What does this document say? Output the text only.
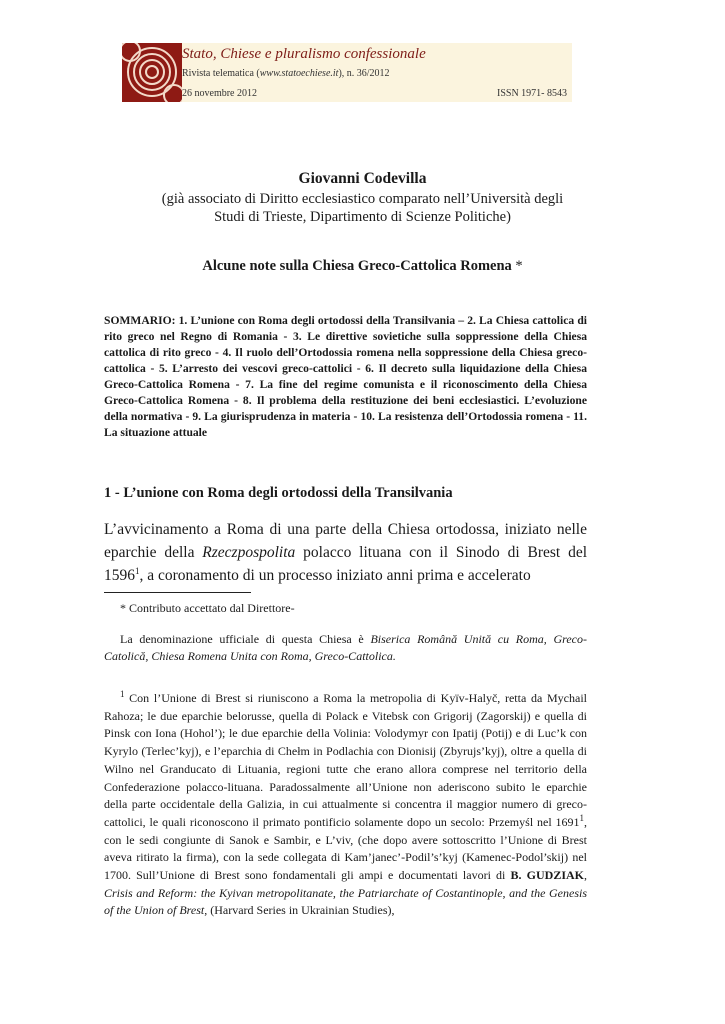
Stato, Chiese e pluralismo confessionale
Rivista telematica (www.statoechiese.it), n. 36/2012
26 novembre 2012	ISSN 1971- 8543
Giovanni Codevilla
(già associato di Diritto ecclesiastico comparato nell’Università degli
Studi di Trieste, Dipartimento di Scienze Politiche)
Alcune note sulla Chiesa Greco-Cattolica Romena *
SOMMARIO: 1. L’unione con Roma degli ortodossi della Transilvania – 2. La Chiesa cattolica di rito greco nel Regno di Romania - 3. Le direttive sovietiche sulla soppressione della Chiesa cattolica di rito greco - 4. Il ruolo dell’Ortodossia romena nella soppressione della Chiesa greco-cattolica - 5. L’arresto dei vescovi greco-cattolici - 6. Il decreto sulla liquidazione della Chiesa Greco-Cattolica Romena - 7. La fine del regime comunista e il riconoscimento della Chiesa Greco-Cattolica Romena - 8. Il problema della restituzione dei beni ecclesiastici. L’evoluzione della normativa - 9. La giurisprudenza in materia - 10. La resistenza dell’Ortodossia romena - 11. La situazione attuale
1 - L’unione con Roma degli ortodossi della Transilvania
L’avvicinamento a Roma di una parte della Chiesa ortodossa, iniziato nelle eparchie della Rzeczpospolita polacco lituana con il Sinodo di Brest del 1596$^1$, a coronamento di un processo iniziato anni prima e accelerato
* Contributo accettato dal Direttore-
La denominazione ufficiale di questa Chiesa è Biserica Română Unită cu Roma, Greco-Catolică, Chiesa Romena Unita con Roma, Greco-Cattolica.
$^1$ Con l’Unione di Brest si riuniscono a Roma la metropolia di Kyïv-Halyč, retta da Mychail Rahoza; le due eparchie belorusse, quella di Polack e Vitebsk con Grigorij (Zagorskij) e quella di Pinsk con Iona (Hohol’); le due eparchie della Volinia: Volodymyr con Ipatij (Potij) e di Luc’k con Kyrylo (Terlec’kyj), e l’eparchia di Chełm in Podlachia con Dionisij (Zbyrujs’kyj), oltre a quella di Wilno nel Granducato di Lituania, regioni tutte che erano allora comprese nel territorio della Confederazione polacco-lituana. Paradossalmente all’Unione non aderiscono subito le eparchie della parte occidentale della Galizia, in cui attualmente si concentra il maggior numero di greco-cattolici, le quali riconoscono il primato pontificio solamente dopo un secolo: Przemyśl nel 1691$^1$, con le sedi congiunte di Sanok e Sambir, e L’viv, (che dopo avere sottoscritto l’Unione di Brest aveva ritirato la firma), con la sede collegata di Kam’janec’-Podil’s’kyj (Kamenec-Podol’skij) nel 1700. Sull’Unione di Brest sono fondamentali gli ampi e documentati lavori di B. GUDZIAK, Crisis and Reform: the Kyivan metropolitanate, the Patriarchate of Costantinople, and the Genesis of the Union of Brest, (Harvard Series in Ukrainian Studies),
